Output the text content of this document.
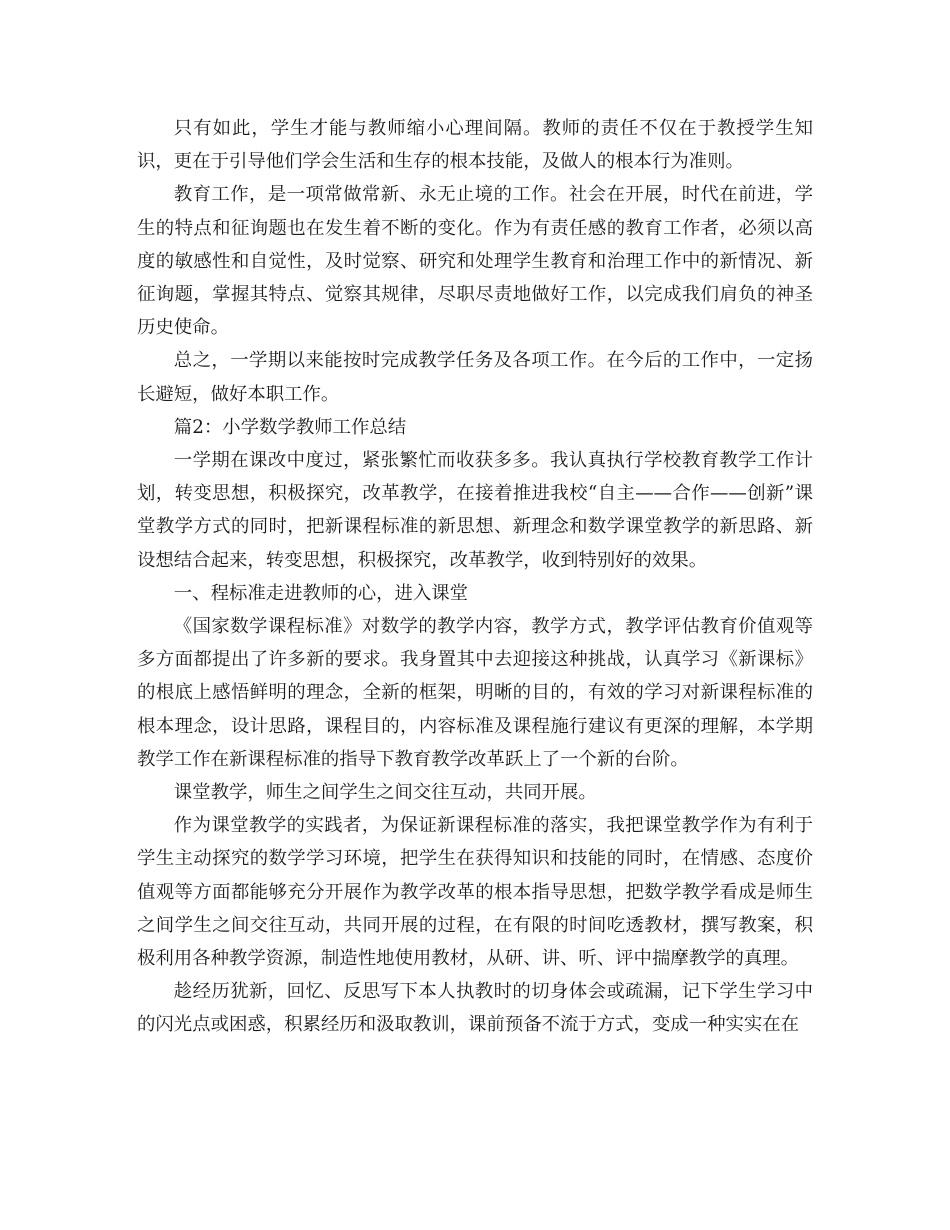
只有如此，学生才能与教师缩小心理间隔。教师的责任不仅在于教授学生知识，更在于引导他们学会生活和生存的根本技能，及做人的根本行为准则。

教育工作，是一项常做常新、永无止境的工作。社会在开展，时代在前进，学生的特点和征询题也在发生着不断的变化。作为有责任感的教育工作者，必须以高度的敏感性和自觉性，及时觉察、研究和处理学生教育和治理工作中的新情况、新征询题，掌握其特点、觉察其规律，尽职尽责地做好工作，以完成我们肩负的神圣历史使命。

总之，一学期以来能按时完成教学任务及各项工作。在今后的工作中，一定扬长避短，做好本职工作。

篇2：小学数学教师工作总结

一学期在课改中度过，紧张繁忙而收获多多。我认真执行学校教育教学工作计划，转变思想，积极探究，改革教学，在接着推进我校“自主——合作——创新”课堂教学方式的同时，把新课程标准的新思想、新理念和数学课堂教学的新思路、新设想结合起来，转变思想，积极探究，改革教学，收到特别好的效果。

一、程标准走进教师的心，进入课堂

《国家数学课程标准》对数学的教学内容，教学方式，教学评估教育价值观等多方面都提出了许多新的要求。我身置其中去迎接这种挑战，认真学习《新课标》的根底上感悟鲜明的理念，全新的框架，明晰的目的，有效的学习对新课程标准的根本理念，设计思路，课程目的，内容标准及课程施行建议有更深的理解，本学期教学工作在新课程标准的指导下教育教学改革跃上了一个新的台阶。

课堂教学，师生之间学生之间交往互动，共同开展。

作为课堂教学的实践者，为保证新课程标准的落实，我把课堂教学作为有利于学生主动探究的数学学习环境，把学生在获得知识和技能的同时，在情感、态度价值观等方面都能够充分开展作为教学改革的根本指导思想，把数学教学看成是师生之间学生之间交往互动，共同开展的过程，在有限的时间吃透教材，撰写教案，积极利用各种教学资源，制造性地使用教材，从研、讲、听、评中揣摩教学的真理。

趁经历犹新，回忆、反思写下本人执教时的切身体会或疏漏，记下学生学习中的闪光点或困惑，积累经历和汲取教训，课前预备不流于方式，变成一种实实在在
